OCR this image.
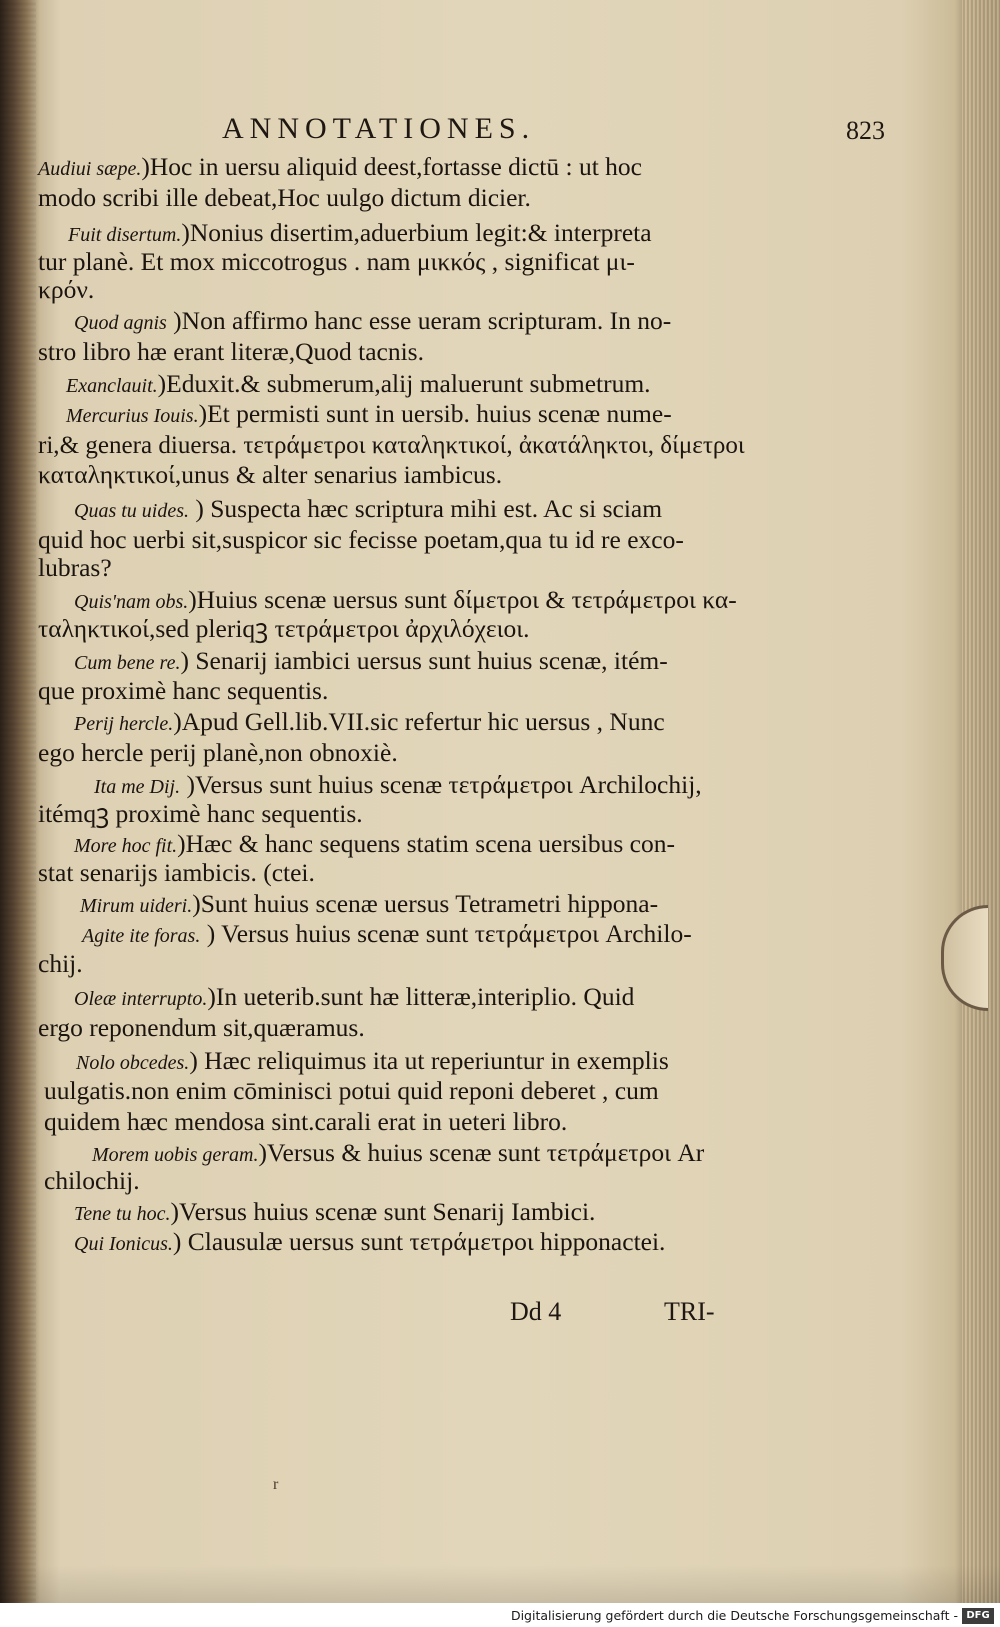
ANNOTATIONES.	823
Audiui sæpe.)Hoc in uersu aliquid deest,fortasse dictū : ut hoc
modo scribi ille debeat,Hoc uulgo dictum dicier.
Fuit disertum.)Nonius disertim,aduerbium legit:& interpreta
tur planè. Et mox miccotrogus . nam μικκός , significat μι-
κρόν.
Quod agnis )Non affirmo hanc esse ueram scripturam. In no-
stro libro hæ erant literæ,Quod tacnis.
Exanclauit.)Eduxit.& submerum,alij maluerunt submetrum.
Mercurius Iouis.)Et permisti sunt in uersib. huius scenæ nume-
ri,& genera diuersa. τετράμετροι καταληκτικοί, ἀκατάληκτοι, δίμετροι
καταληκτικοί,unus & alter senarius iambicus.
Quas tu uides. ) Suspecta hæc scriptura mihi est. Ac si sciam
quid hoc uerbi sit,suspicor sic fecisse poetam,qua tu id re exco-
lubras?
Quis'nam obs.)Huius scenæ uersus sunt δίμετροι & τετράμετροι κα-
ταληκτικοί,sed pleriqꝫ τετράμετροι ἀρχιλόχειοι.
Cum bene re.) Senarij iambici uersus sunt huius scenæ, itém-
que proximè hanc sequentis.
Perij hercle.)Apud Gell.lib.VII.sic refertur hic uersus , Nunc
ego hercle perij planè,non obnoxiè.
Ita me Dij. )Versus sunt huius scenæ τετράμετροι Archilochij,
itémqꝫ proximè hanc sequentis.
More hoc fit.)Hæc & hanc sequens statim scena uersibus con-
stat senarijs iambicis. (ctei.
Mirum uideri.)Sunt huius scenæ uersus Tetrametri hippona-
Agite ite foras. ) Versus huius scenæ sunt τετράμετροι Archilo-
chij.
Oleæ interrupto.)In ueterib.sunt hæ litteræ,interiplio. Quid
ergo reponendum sit,quæramus.
Nolo obcedes.) Hæc reliquimus ita ut reperiuntur in exemplis
uulgatis.non enim cōminisci potui quid reponi deberet , cum
quidem hæc mendosa sint.carali erat in ueteri libro.
Morem uobis geram.)Versus & huius scenæ sunt τετράμετροι Ar
chilochij.
Tene tu hoc.)Versus huius scenæ sunt Senarij Iambici.
Qui Ionicus.) Clausulæ uersus sunt τετράμετροι hipponactei.
Dd 4	TRI-
r
Digitalisierung gefördert durch die Deutsche Forschungsgemeinschaft - DFG
